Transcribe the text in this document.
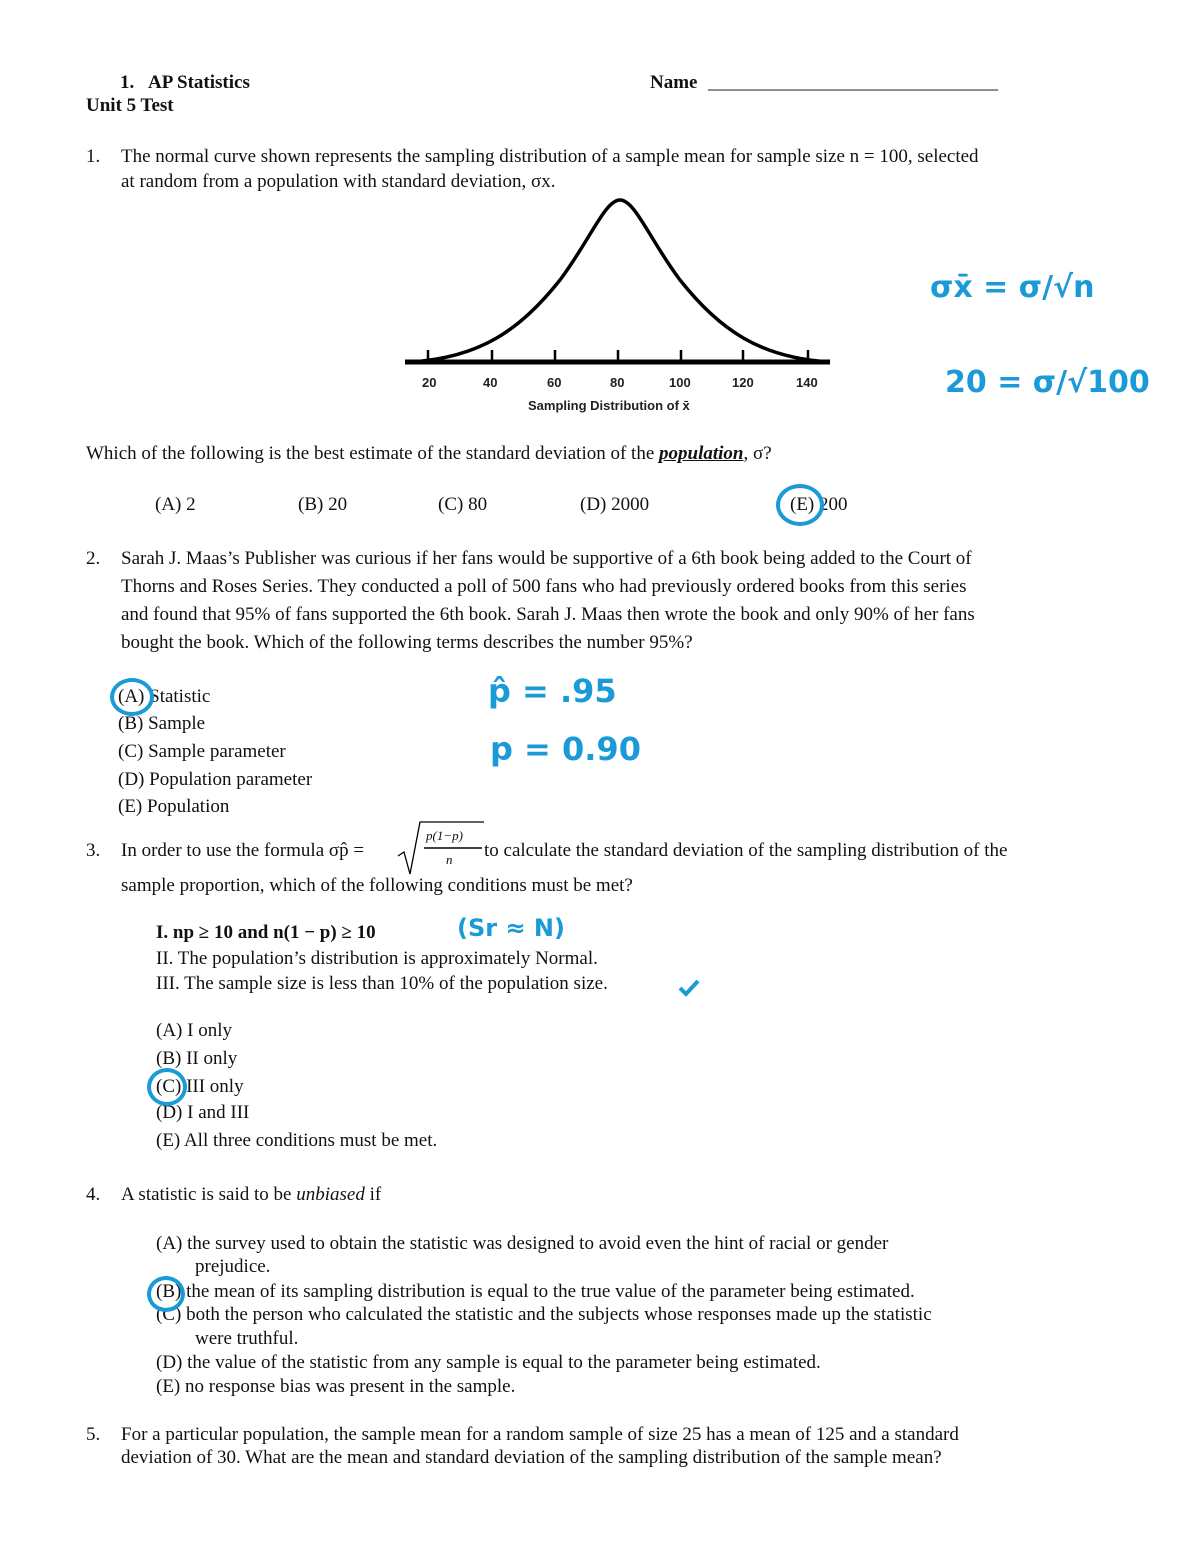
1. AP Statistics
Unit 5 Test
Name __________________________________
1. The normal curve shown represents the sampling distribution of a sample mean for sample size n = 100, selected
at random from a population with standard deviation, σx.
20	40	60	80	100	120	140
Sampling Distribution of x̄
σx̄ = σ/√n
20 = σ/√100
Which of the following is the best estimate of the standard deviation of the population, σ?
(A) 2	(B) 20	(C) 80	(D) 2000	(E) 200
2. Sarah J. Maas’s Publisher was curious if her fans would be supportive of a 6th book being added to the Court of
Thorns and Roses Series. They conducted a poll of 500 fans who had previously ordered books from this series
and found that 95% of fans supported the 6th book. Sarah J. Maas then wrote the book and only 90% of her fans
bought the book. Which of the following terms describes the number 95%?
(A) Statistic
(B) Sample
(C) Sample parameter
(D) Population parameter
(E) Population
p̂ = .95
p = 0.90
3. In order to use the formula σp̂ =
p(1−p)
n to calculate the standard deviation of the sampling distribution of the
sample proportion, which of the following conditions must be met?
I. np ≥ 10 and n(1 − p) ≥ 10	(Sr ≈ N)
II. The population’s distribution is approximately Normal.
III. The sample size is less than 10% of the population size.
(A) I only
(B) II only
(C) III only
(D) I and III
(E) All three conditions must be met.
4. A statistic is said to be unbiased if
(A) the survey used to obtain the statistic was designed to avoid even the hint of racial or gender
prejudice.
(B) the mean of its sampling distribution is equal to the true value of the parameter being estimated.
(C) both the person who calculated the statistic and the subjects whose responses made up the statistic
were truthful.
(D) the value of the statistic from any sample is equal to the parameter being estimated.
(E) no response bias was present in the sample.
5. For a particular population, the sample mean for a random sample of size 25 has a mean of 125 and a standard
deviation of 30. What are the mean and standard deviation of the sampling distribution of the sample mean?
